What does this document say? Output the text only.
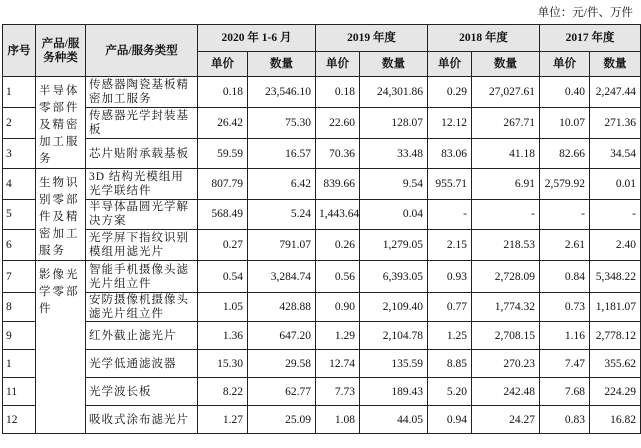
单位：元/件、万件
序号	产品/服务种类	产品/服务类型	2020 年 1-6 月		2019 年度		2018 年度		2017 年度	
			单价	数量	单价	数量	单价	数量	单价	数量
1	半导体零部件及精密加工服务	传感器陶瓷基板精密加工服务	0.18	23,546.10	0.18	24,301.86	0.29	27,027.61	0.40	2,247.44
2		传感器光学封装基板	26.42	75.30	22.60	128.07	12.12	267.71	10.07	271.36
3		芯片贴附承载基板	59.59	16.57	70.36	33.48	83.06	41.18	82.66	34.54
4	生物识别零部件及精密加工服务	3D 结构光模组用光学联结件	807.79	6.42	839.66	9.54	955.71	6.91	2,579.92	0.01
5		半导体晶圆光学解决方案	568.49	5.24	1,443.64	0.04	-	-	-	-
6		光学屏下指纹识别模组用滤光片	0.27	791.07	0.26	1,279.05	2.15	218.53	2.61	2.40
7	影像光学零部件	智能手机摄像头滤光片组立件	0.54	3,284.74	0.56	6,393.05	0.93	2,728.09	0.84	5,348.22
8		安防摄像机摄像头滤光片组立件	1.05	428.88	0.90	2,109.40	0.77	1,774.32	0.73	1,181.07
9		红外截止滤光片	1.36	647.20	1.29	2,104.78	1.25	2,708.15	1.16	2,778.12
1		光学低通滤波器	15.30	29.58	12.74	135.59	8.85	270.23	7.47	355.62
11		光学波长板	8.22	62.77	7.73	189.43	5.20	242.48	7.68	224.29
12		吸收式涂布滤光片	1.27	25.09	1.08	44.05	0.94	24.27	0.83	16.82
